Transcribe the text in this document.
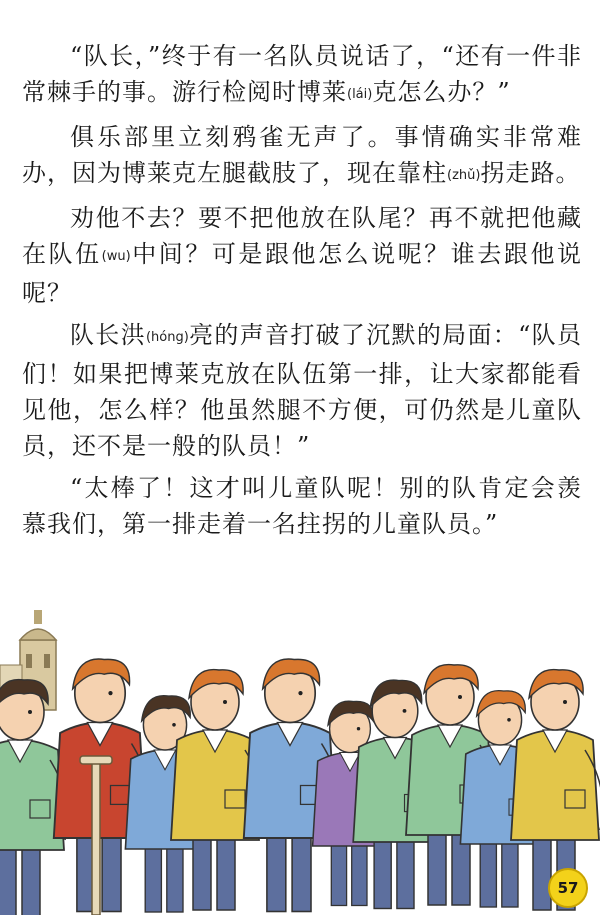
“队长，”终于有一名队员说话了，“还有一件非常棘手的事。游行检阅时博莱(lái)克怎么办？”

俱乐部里立刻鸦雀无声了。事情确实非常难办，因为博莱克左腿截肢了，现在靠柱(zhǔ)拐走路。

劝他不去？要不把他放在队尾？再不就把他藏在队伍(wu)中间？可是跟他怎么说呢？谁去跟他说呢？

队长洪(hóng)亮的声音打破了沉默的局面：“队员们！如果把博莱克放在队伍第一排，让大家都能看见他，怎么样？他虽然腿不方便，可仍然是儿童队员，还不是一般的队员！”

“太棒了！这才叫儿童队呢！别的队肯定会羡慕我们，第一排走着一名拄拐的儿童队员。”

57
